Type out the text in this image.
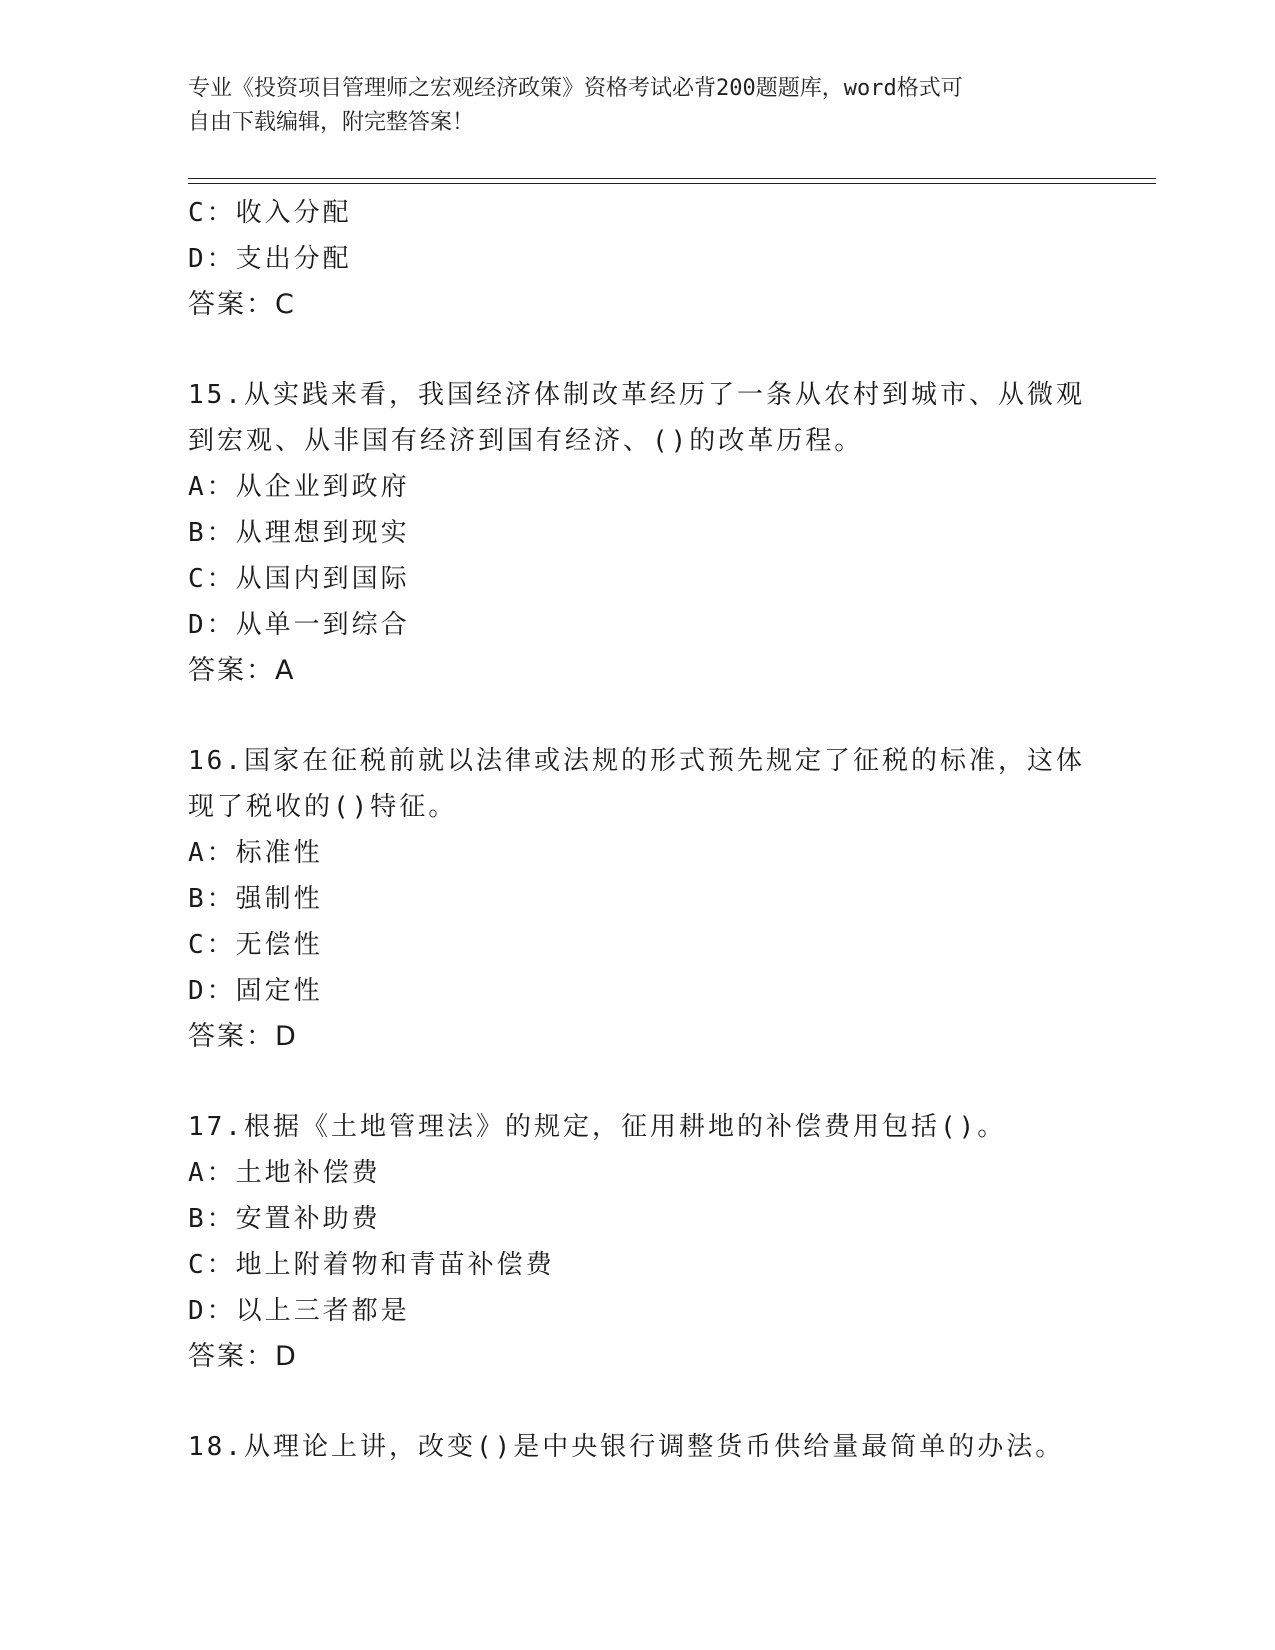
专业《投资项目管理师之宏观经济政策》资格考试必背200题题库，word格式可
自由下载编辑，附完整答案！
C：收入分配
D：支出分配
答案：C
15.从实践来看，我国经济体制改革经历了一条从农村到城市、从微观
到宏观、从非国有经济到国有经济、()的改革历程。
A：从企业到政府
B：从理想到现实
C：从国内到国际
D：从单一到综合
答案：A
16.国家在征税前就以法律或法规的形式预先规定了征税的标准，这体
现了税收的()特征。
A：标准性
B：强制性
C：无偿性
D：固定性
答案：D
17.根据《土地管理法》的规定，征用耕地的补偿费用包括()。
A：土地补偿费
B：安置补助费
C：地上附着物和青苗补偿费
D：以上三者都是
答案：D
18.从理论上讲，改变()是中央银行调整货币供给量最简单的办法。
